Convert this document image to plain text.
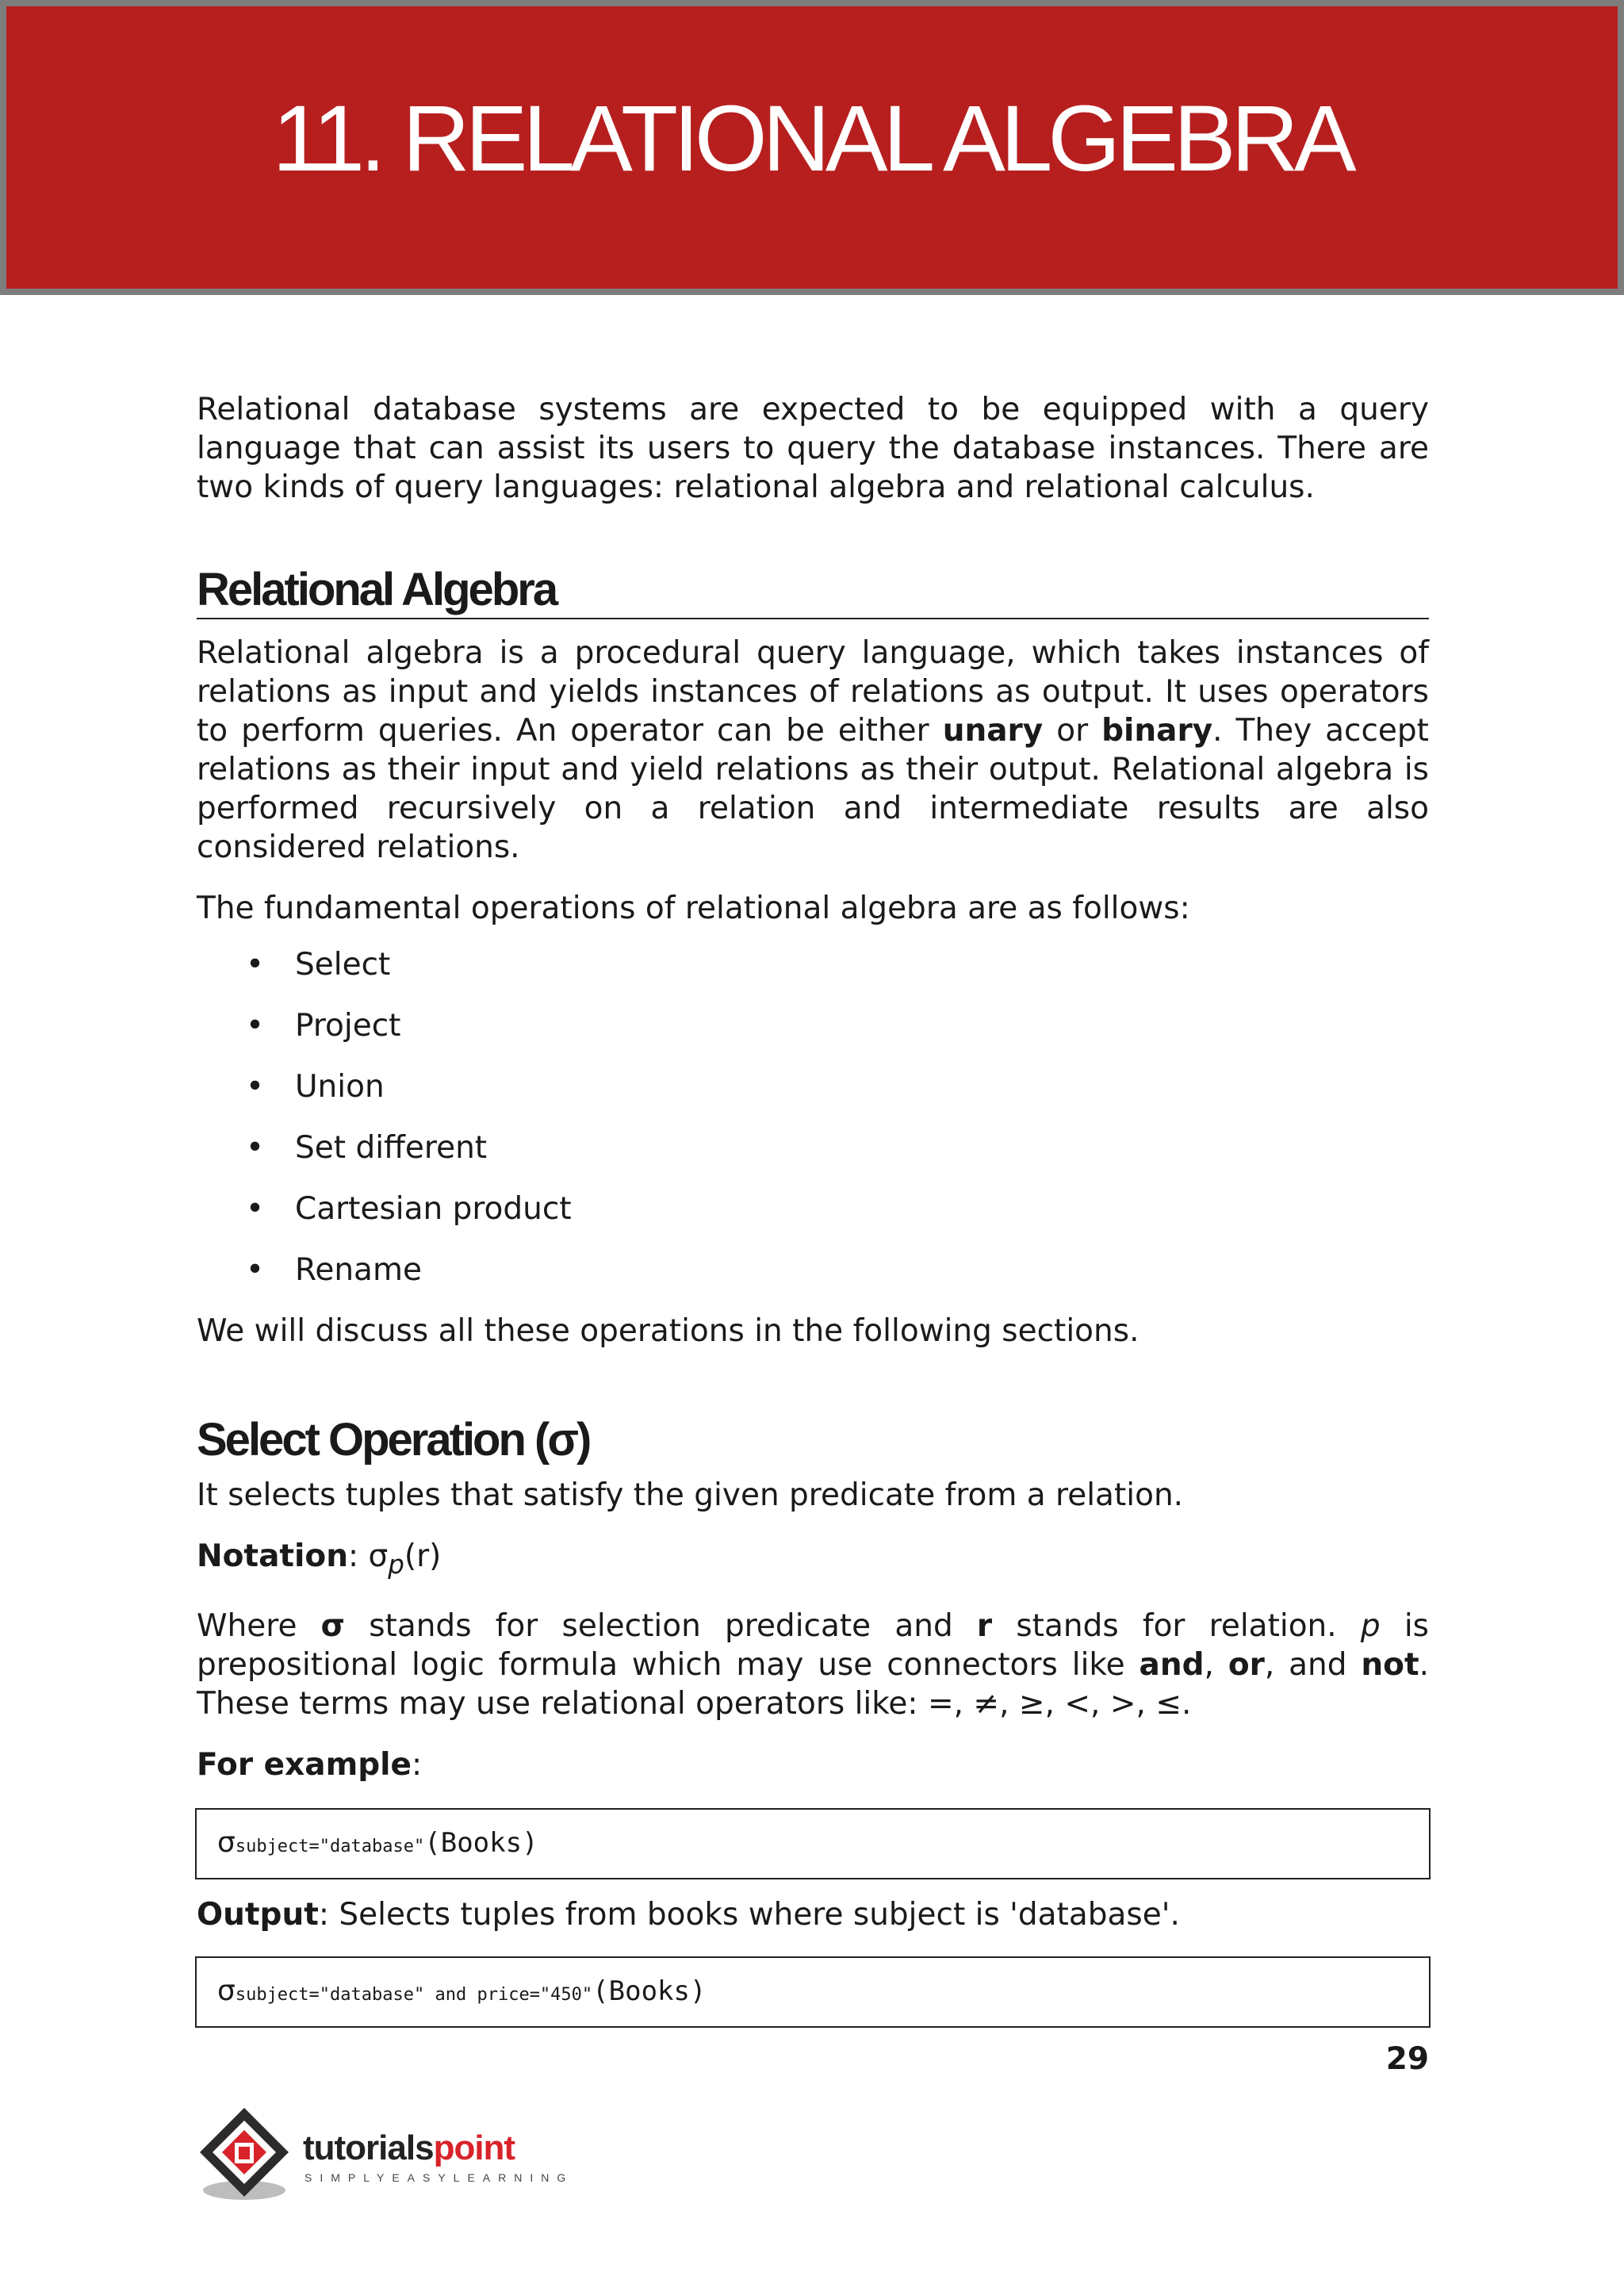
11. RELATIONAL ALGEBRA

Relational database systems are expected to be equipped with a query language that can assist its users to query the database instances. There are two kinds of query languages: relational algebra and relational calculus.

Relational Algebra

Relational algebra is a procedural query language, which takes instances of relations as input and yields instances of relations as output. It uses operators to perform queries. An operator can be either unary or binary. They accept relations as their input and yield relations as their output. Relational algebra is performed recursively on a relation and intermediate results are also considered relations.

The fundamental operations of relational algebra are as follows:

• Select
• Project
• Union
• Set different
• Cartesian product
• Rename

We will discuss all these operations in the following sections.

Select Operation (σ)

It selects tuples that satisfy the given predicate from a relation.

Notation: $\sigma_p(r)$

Where σ stands for selection predicate and r stands for relation. p is prepositional logic formula which may use connectors like and, or, and not. These terms may use relational operators like: =, ≠, ≥, <, >, ≤.

For example:

σsubject="database"(Books)

Output: Selects tuples from books where subject is 'database'.

σsubject="database" and price="450"(Books)
29
tutorialspoint
SIMPLYEASYLEARNING
